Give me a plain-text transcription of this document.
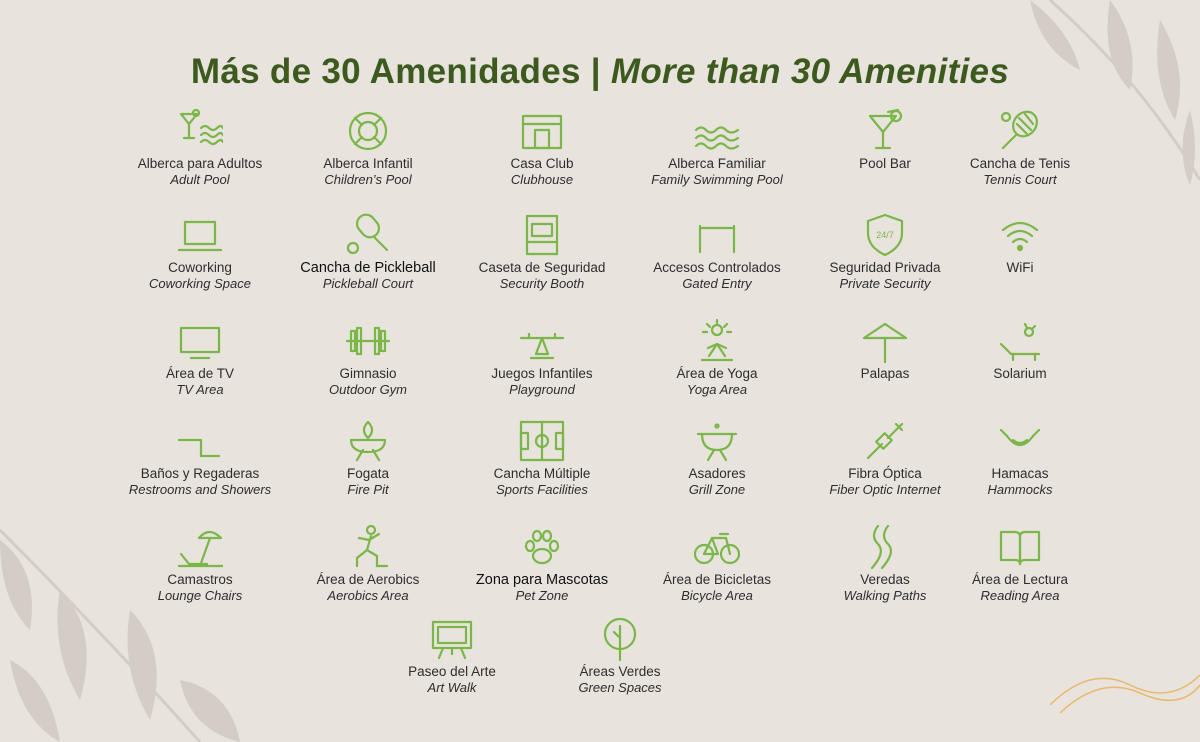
Más de 30 Amenidades | More than 30 Amenities
Alberca para Adultos
Adult Pool
Alberca Infantil
Children’s Pool
Casa Club
Clubhouse
Alberca Familiar
Family Swimming Pool
Pool Bar	Cancha de Tenis
Tennis Court
Coworking
Coworking Space
Cancha de Pickleball
Pickleball Court
Caseta de Seguridad
Security Booth
Accesos Controlados
Gated Entry
24/7
Seguridad Privada
Private Security
WiFi
Área de TV
TV Area
Gimnasio
Outdoor Gym
Juegos Infantiles
Playground
Área de Yoga
Yoga Area
Palapas	Solarium
Baños y Regaderas
Restrooms and Showers
Fogata
Fire Pit
Cancha Múltiple
Sports Facilities
Asadores
Grill Zone
Fibra Óptica
Fiber Optic Internet
Hamacas
Hammocks
Camastros
Lounge Chairs
Área de Aerobics
Aerobics Area
Zona para Mascotas
Pet Zone
Área de Bicicletas
Bicycle Area
Veredas
Walking Paths
Área de Lectura
Reading Area
Paseo del Arte
Art Walk
Áreas Verdes
Green Spaces
